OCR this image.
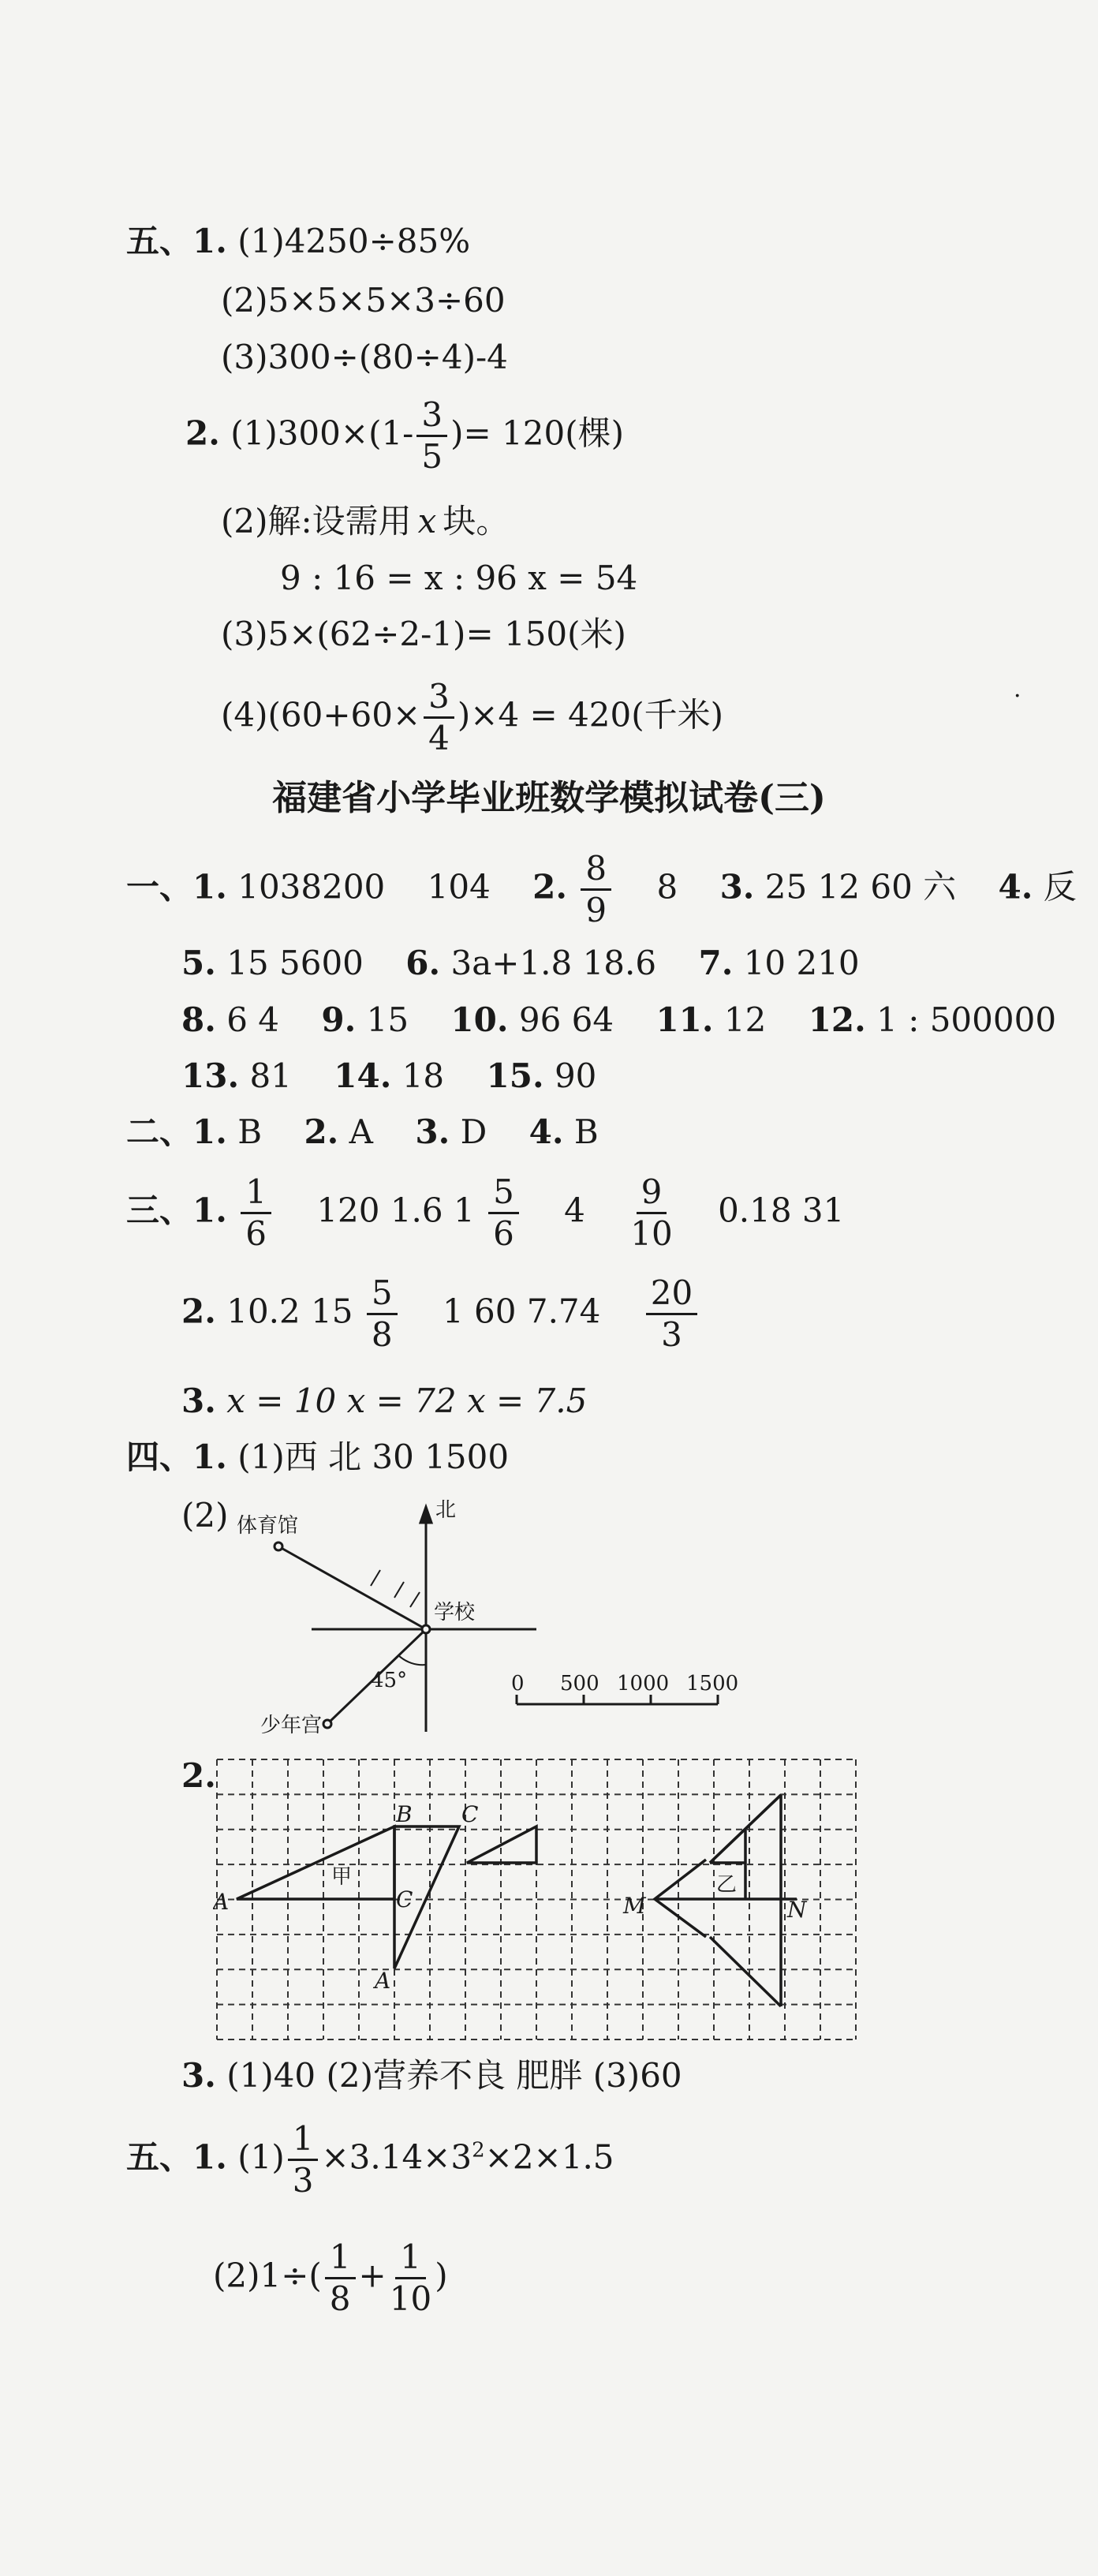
五、1. (1)4250÷85%
(2)5×5×5×3÷60
(3)300÷(80÷4)-4
2. $(1)300\times(1- \frac{3}{5}$ )= 120(棵)
(2)解:设需用 x 块。
9 : 16 = x : 96 x = 54
(3)5×(62÷2-1)= 150(米)
$(4)(60+60\times \frac{3}{4} )\times 4 = 420$(千米)	·
福建省小学毕业班数学模拟试卷(三)
一、1. 1038200 104 2. $\frac{8}{9} 8$ 3. 25 12 60 六 4. 反
5. 15 5600 6. 3a+1.8 18.6 7. 10 210
8. 6 4 9. 15 10. 96 64 11. 12 12. 1 : 500000
13. 81 14. 18 15. 90
二、1. B 2. A 3. D 4. B
三、1. $\frac{1}{6} 120$ 1.6 $1 \frac{5}{6} 4 \frac{9}{10} 0.18$ 31
2. 10.2 $15 \frac{5}{8} 1$ 60 $7.74 \frac{20}{3}$
3. x = 10 x = 72 x = 7.5
四、1. (1)西 北 30 1500
(2)	北
学校
体育馆
少年宫
45°	0 500 1000 1500
2.
B C
A	C
A
M	N
甲	乙
3. (1)40 (2)营养不良 肥胖 (3)60
五、1. $(1) \frac{1}{3} \times 3.14\times 3^2\times 2\times 1.5$
$(2)1\div( \frac{1}{8} + \frac{1}{10}$ )
